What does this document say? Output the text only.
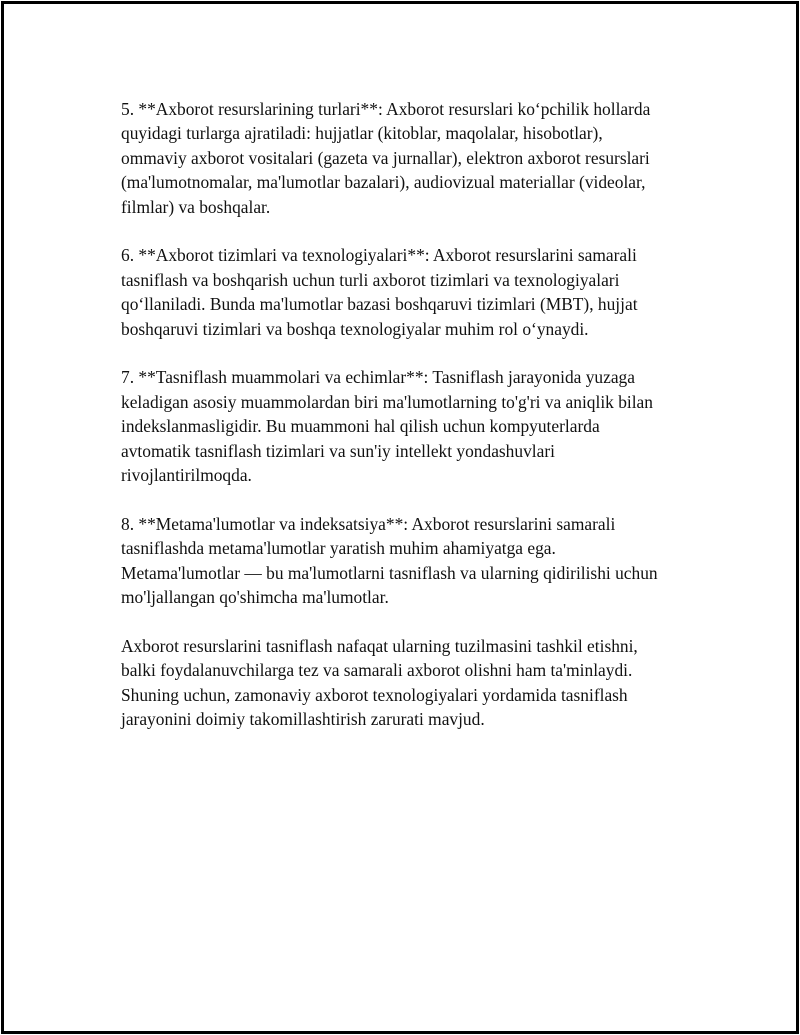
5. **Axborot resurslarining turlari**: Axborot resurslari ko‘pchilik hollarda
quyidagi turlarga ajratiladi: hujjatlar (kitoblar, maqolalar, hisobotlar),
ommaviy axborot vositalari (gazeta va jurnallar), elektron axborot resurslari
(ma'lumotnomalar, ma'lumotlar bazalari), audiovizual materiallar (videolar,
filmlar) va boshqalar.

6. **Axborot tizimlari va texnologiyalari**: Axborot resurslarini samarali
tasniflash va boshqarish uchun turli axborot tizimlari va texnologiyalari
qo‘llaniladi. Bunda ma'lumotlar bazasi boshqaruvi tizimlari (MBT), hujjat
boshqaruvi tizimlari va boshqa texnologiyalar muhim rol o‘ynaydi.

7. **Tasniflash muammolari va echimlar**: Tasniflash jarayonida yuzaga
keladigan asosiy muammolardan biri ma'lumotlarning to'g'ri va aniqlik bilan
indekslanmasligidir. Bu muammoni hal qilish uchun kompyuterlarda
avtomatik tasniflash tizimlari va sun'iy intellekt yondashuvlari
rivojlantirilmoqda.

8. **Metama'lumotlar va indeksatsiya**: Axborot resurslarini samarali
tasniflashda metama'lumotlar yaratish muhim ahamiyatga ega.
Metama'lumotlar — bu ma'lumotlarni tasniflash va ularning qidirilishi uchun
mo'ljallangan qo'shimcha ma'lumotlar.

Axborot resurslarini tasniflash nafaqat ularning tuzilmasini tashkil etishni,
balki foydalanuvchilarga tez va samarali axborot olishni ham ta'minlaydi.
Shuning uchun, zamonaviy axborot texnologiyalari yordamida tasniflash
jarayonini doimiy takomillashtirish zarurati mavjud.
